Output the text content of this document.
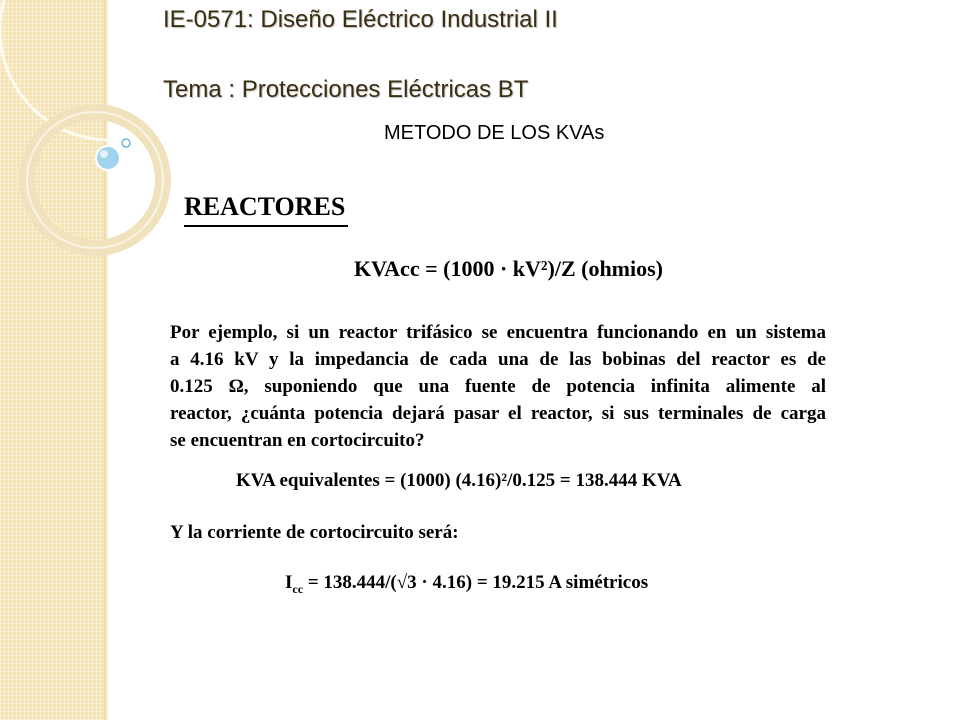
IE-0571: Diseño Eléctrico Industrial II
Tema : Protecciones Eléctricas BT
METODO DE LOS KVAs
REACTORES
KVAcc = (1000 · kV²)/Z (ohmios)
Por ejemplo, si un reactor trifásico se encuentra funcionando en un sistema
a 4.16 kV y la impedancia de cada una de las bobinas del reactor es de
0.125 Ω, suponiendo que una fuente de potencia infinita alimente al
reactor, ¿cuánta potencia dejará pasar el reactor, si sus terminales de carga
se encuentran en cortocircuito?
KVA equivalentes = (1000) (4.16)²/0.125 = 138.444 KVA
Y la corriente de cortocircuito será:
$I_{cc} = 138.444/(√3 \cdot 4.16) = 19.215$ A simétricos
